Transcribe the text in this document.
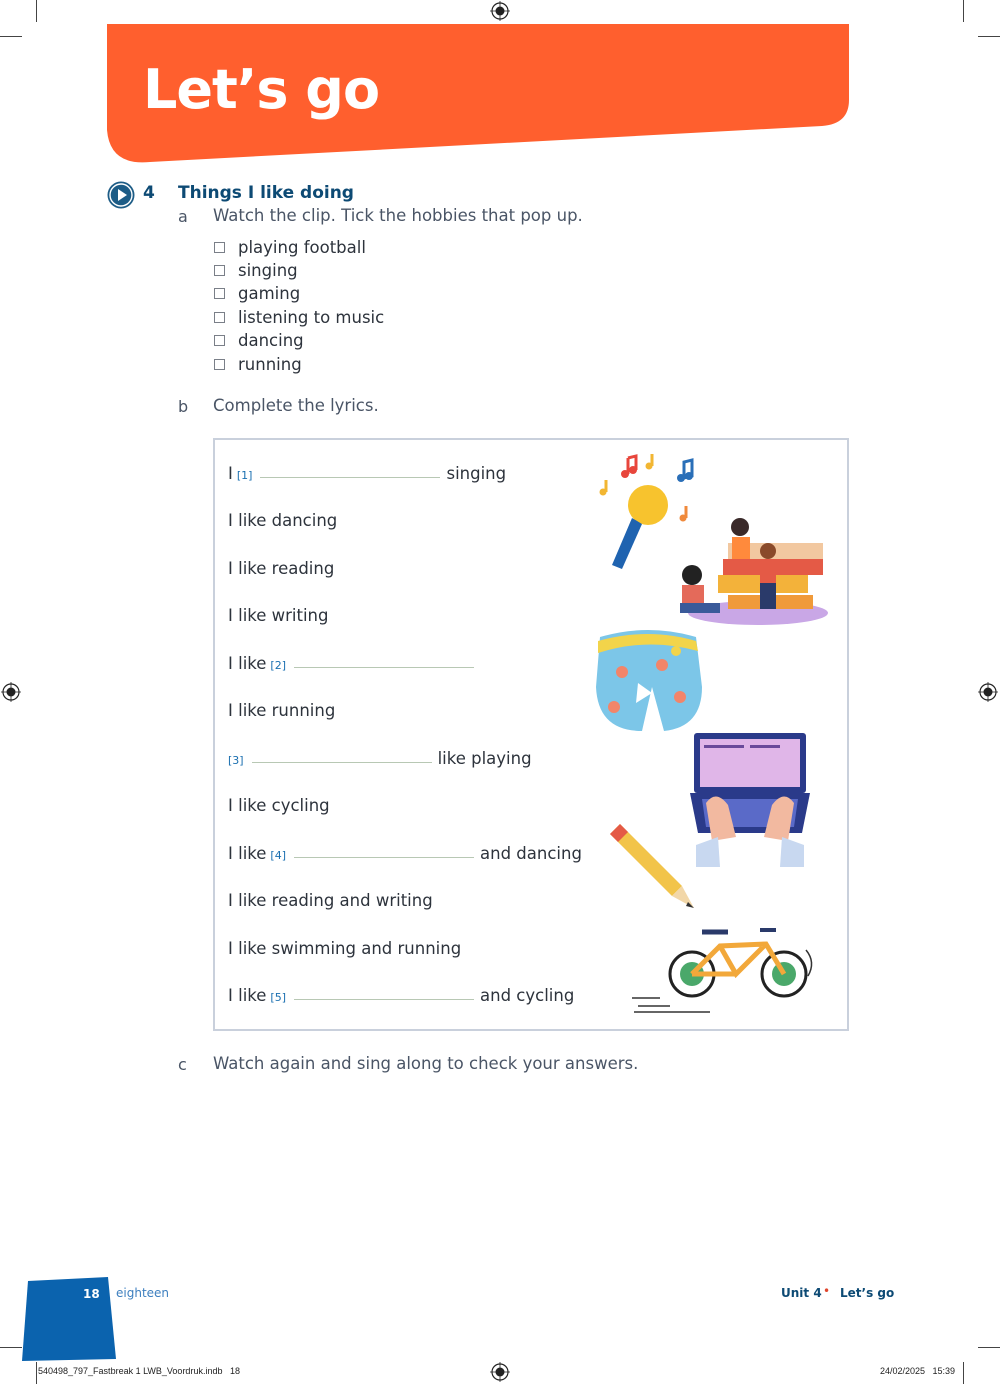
Let’s go
4 Things I like doing
a Watch the clip. Tick the hobbies that pop up.
playing football
singing
gaming
listening to music
dancing
running
b Complete the lyrics.
I [1]	singing
I like dancing
I like reading
I like writing
I like [2]
I like running
[3]	like playing
I like cycling
I like [4]	and dancing
I like reading and writing
I like swimming and running
I like [5]	and cycling
c Watch again and sing along to check your answers.
18 eighteen	Unit 4 • Let’s go
540498_797_Fastbreak 1 LWB_Voordruk.indb   18	24/02/2025   15:39
